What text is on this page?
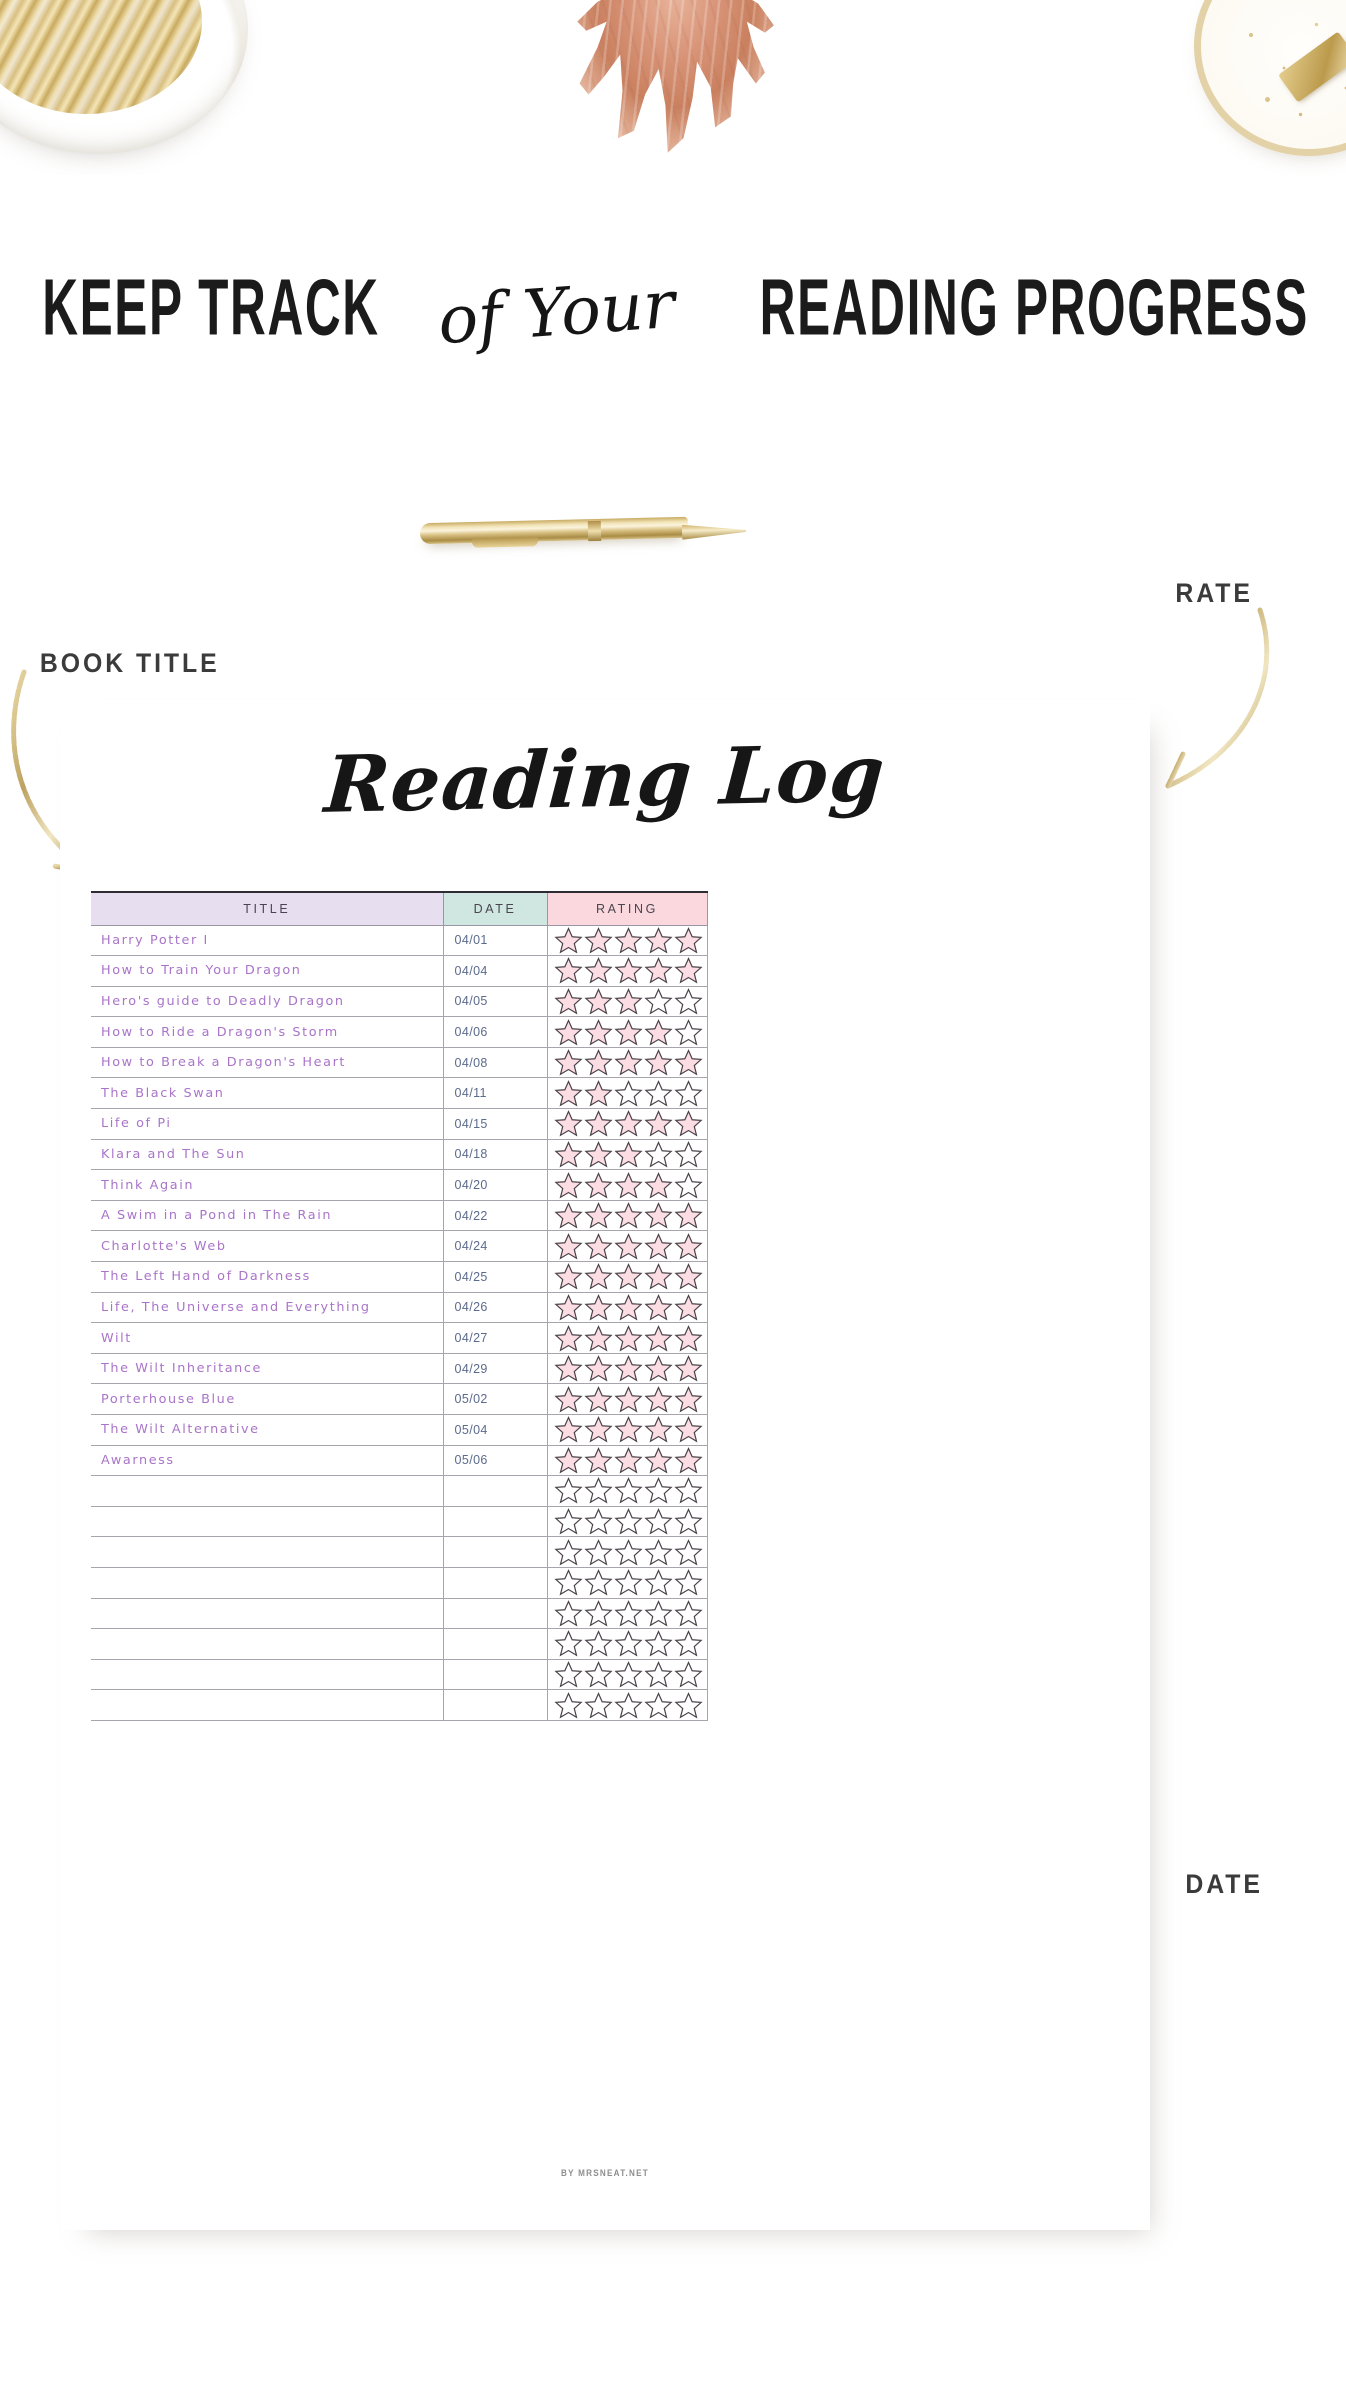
KEEP TRACK of Your READING PROGRESS
BOOK TITLE
RATE
DATE
Reading Log
TITLE	DATE	RATING
Harry Potter I	04/01	
How to Train Your Dragon	04/04	
Hero's guide to Deadly Dragon	04/05	
How to Ride a Dragon's Storm	04/06	
How to Break a Dragon's Heart	04/08	
The Black Swan	04/11	
Life of Pi	04/15	
Klara and The Sun	04/18	
Think Again	04/20	
A Swim in a Pond in The Rain	04/22	
Charlotte's Web	04/24	
The Left Hand of Darkness	04/25	
Life, The Universe and Everything	04/26	
Wilt	04/27	
The Wilt Inheritance	04/29	
Porterhouse Blue	05/02	
The Wilt Alternative	05/04	
Awarness	05/06	

BY MRSNEAT.NET
